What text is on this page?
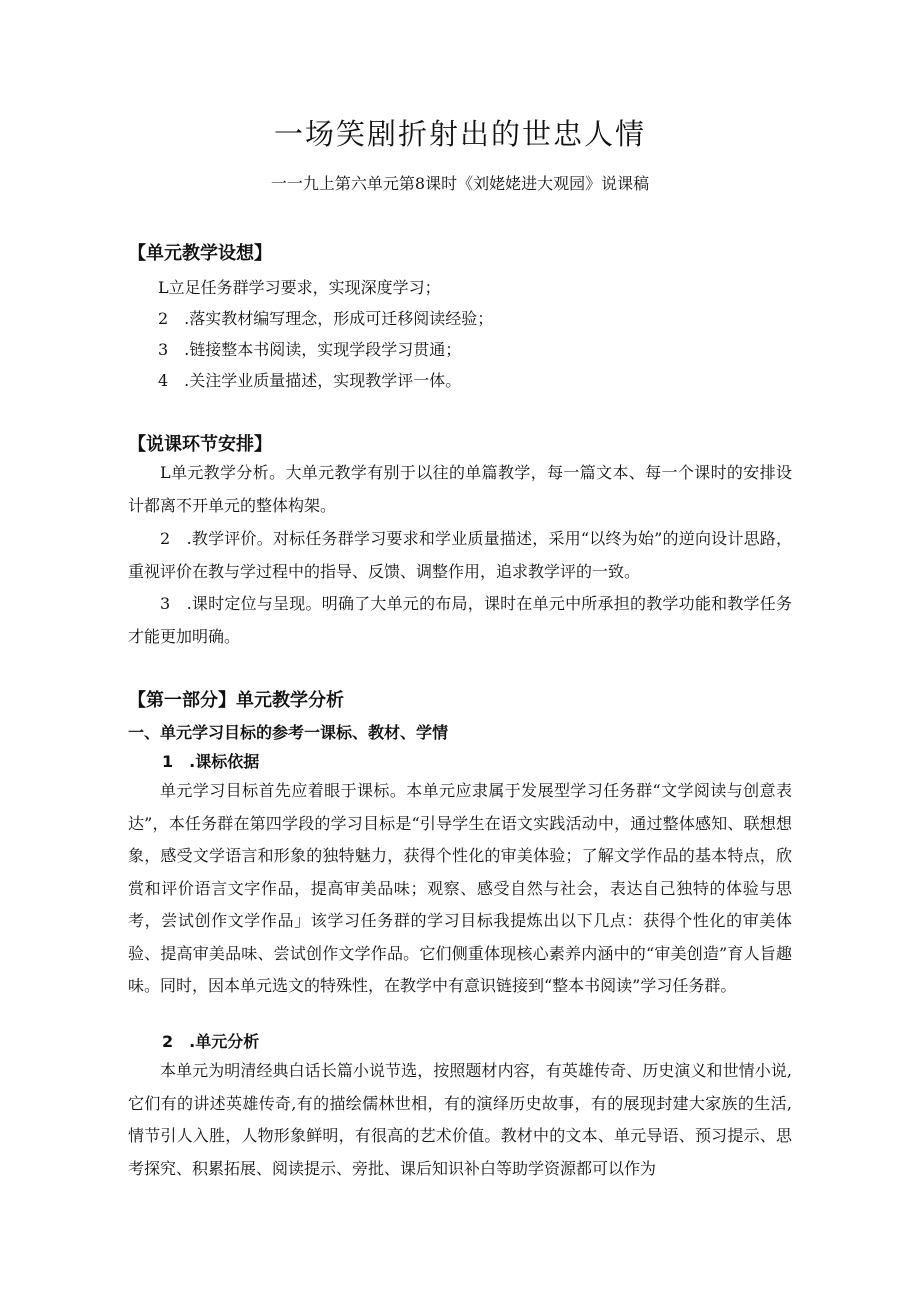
一场笑剧折射出的世忠人情

一一九上第六单元第8课时《刘姥姥进大观园》说课稿

【单元教学设想】

L立足任务群学习要求，实现深度学习；

2　.落实教材编写理念，形成可迁移阅读经验；

3　.链接整本书阅读，实现学段学习贯通；

4　.关注学业质量描述，实现教学评一体。

【说课环节安排】

L单元教学分析。大单元教学有别于以往的单篇教学，每一篇文本、每一个课时的安排设计都离不开单元的整体构架。

2　.教学评价。对标任务群学习要求和学业质量描述，采用“以终为始”的逆向设计思路，重视评价在教与学过程中的指导、反馈、调整作用，追求教学评的一致。

3　.课时定位与呈现。明确了大单元的布局，课时在单元中所承担的教学功能和教学任务才能更加明确。

【第一部分】单元教学分析

一、单元学习目标的参考一课标、教材、学情

1　.课标依据

单元学习目标首先应着眼于课标。本单元应隶属于发展型学习任务群“文学阅读与创意表达”，本任务群在第四学段的学习目标是“引导学生在语文实践活动中，通过整体感知、联想想象，感受文学语言和形象的独特魅力，获得个性化的审美体验；了解文学作品的基本特点，欣赏和评价语言文字作品，提高审美品味；观察、感受自然与社会，表达自己独特的体验与思考，尝试创作文学作品」该学习任务群的学习目标我提炼出以下几点：获得个性化的审美体验、提高审美品味、尝试创作文学作品。它们侧重体现核心素养内涵中的“审美创造”育人旨趣味。同时，因本单元选文的特殊性，在教学中有意识链接到“整本书阅读”学习任务群。

2　.单元分析

本单元为明清经典白话长篇小说节选，按照题材内容，有英雄传奇、历史演义和世情小说,它们有的讲述英雄传奇,有的描绘儒林世相，有的演绎历史故事，有的展现封建大家族的生活,情节引人入胜，人物形象鲜明，有很高的艺术价值。教材中的文本、单元导语、预习提示、思考探究、积累拓展、阅读提示、旁批、课后知识补白等助学资源都可以作为
